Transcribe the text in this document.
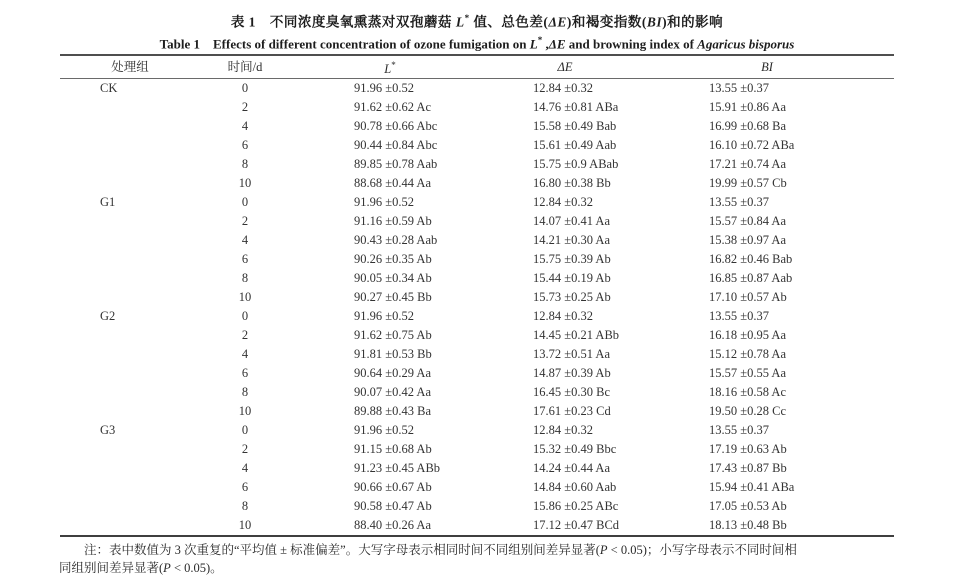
表 1　不同浓度臭氧熏蒸对双孢蘑菇 L* 值、总色差(ΔE)和褐变指数(BI)和的影响
Table 1　Effects of different concentration of ozone fumigation on L* ,ΔE and browning index of Agaricus bisporus
处理组	时间/d	L*	ΔE	BI
CK	0	91.96 ±0.52	12.84 ±0.32	13.55 ±0.37
	2	91.62 ±0.62 Ac	14.76 ±0.81 ABa	15.91 ±0.86 Aa
	4	90.78 ±0.66 Abc	15.58 ±0.49 Bab	16.99 ±0.68 Ba
	6	90.44 ±0.84 Abc	15.61 ±0.49 Aab	16.10 ±0.72 ABa
	8	89.85 ±0.78 Aab	15.75 ±0.9 ABab	17.21 ±0.74 Aa
	10	88.68 ±0.44 Aa	16.80 ±0.38 Bb	19.99 ±0.57 Cb
G1	0	91.96 ±0.52	12.84 ±0.32	13.55 ±0.37
	2	91.16 ±0.59 Ab	14.07 ±0.41 Aa	15.57 ±0.84 Aa
	4	90.43 ±0.28 Aab	14.21 ±0.30 Aa	15.38 ±0.97 Aa
	6	90.26 ±0.35 Ab	15.75 ±0.39 Ab	16.82 ±0.46 Bab
	8	90.05 ±0.34 Ab	15.44 ±0.19 Ab	16.85 ±0.87 Aab
	10	90.27 ±0.45 Bb	15.73 ±0.25 Ab	17.10 ±0.57 Ab
G2	0	91.96 ±0.52	12.84 ±0.32	13.55 ±0.37
	2	91.62 ±0.75 Ab	14.45 ±0.21 ABb	16.18 ±0.95 Aa
	4	91.81 ±0.53 Bb	13.72 ±0.51 Aa	15.12 ±0.78 Aa
	6	90.64 ±0.29 Aa	14.87 ±0.39 Ab	15.57 ±0.55 Aa
	8	90.07 ±0.42 Aa	16.45 ±0.30 Bc	18.16 ±0.58 Ac
	10	89.88 ±0.43 Ba	17.61 ±0.23 Cd	19.50 ±0.28 Cc
G3	0	91.96 ±0.52	12.84 ±0.32	13.55 ±0.37
	2	91.15 ±0.68 Ab	15.32 ±0.49 Bbc	17.19 ±0.63 Ab
	4	91.23 ±0.45 ABb	14.24 ±0.44 Aa	17.43 ±0.87 Bb
	6	90.66 ±0.67 Ab	14.84 ±0.60 Aab	15.94 ±0.41 ABa
	8	90.58 ±0.47 Ab	15.86 ±0.25 ABc	17.05 ±0.53 Ab
	10	88.40 ±0.26 Aa	17.12 ±0.47 BCd	18.13 ±0.48 Bb
注：表中数值为 3 次重复的“平均值 ± 标准偏差”。大写字母表示相同时间不同组别间差异显著(P < 0.05)；小写字母表示不同时间相
同组别间差异显著(P < 0.05)。
